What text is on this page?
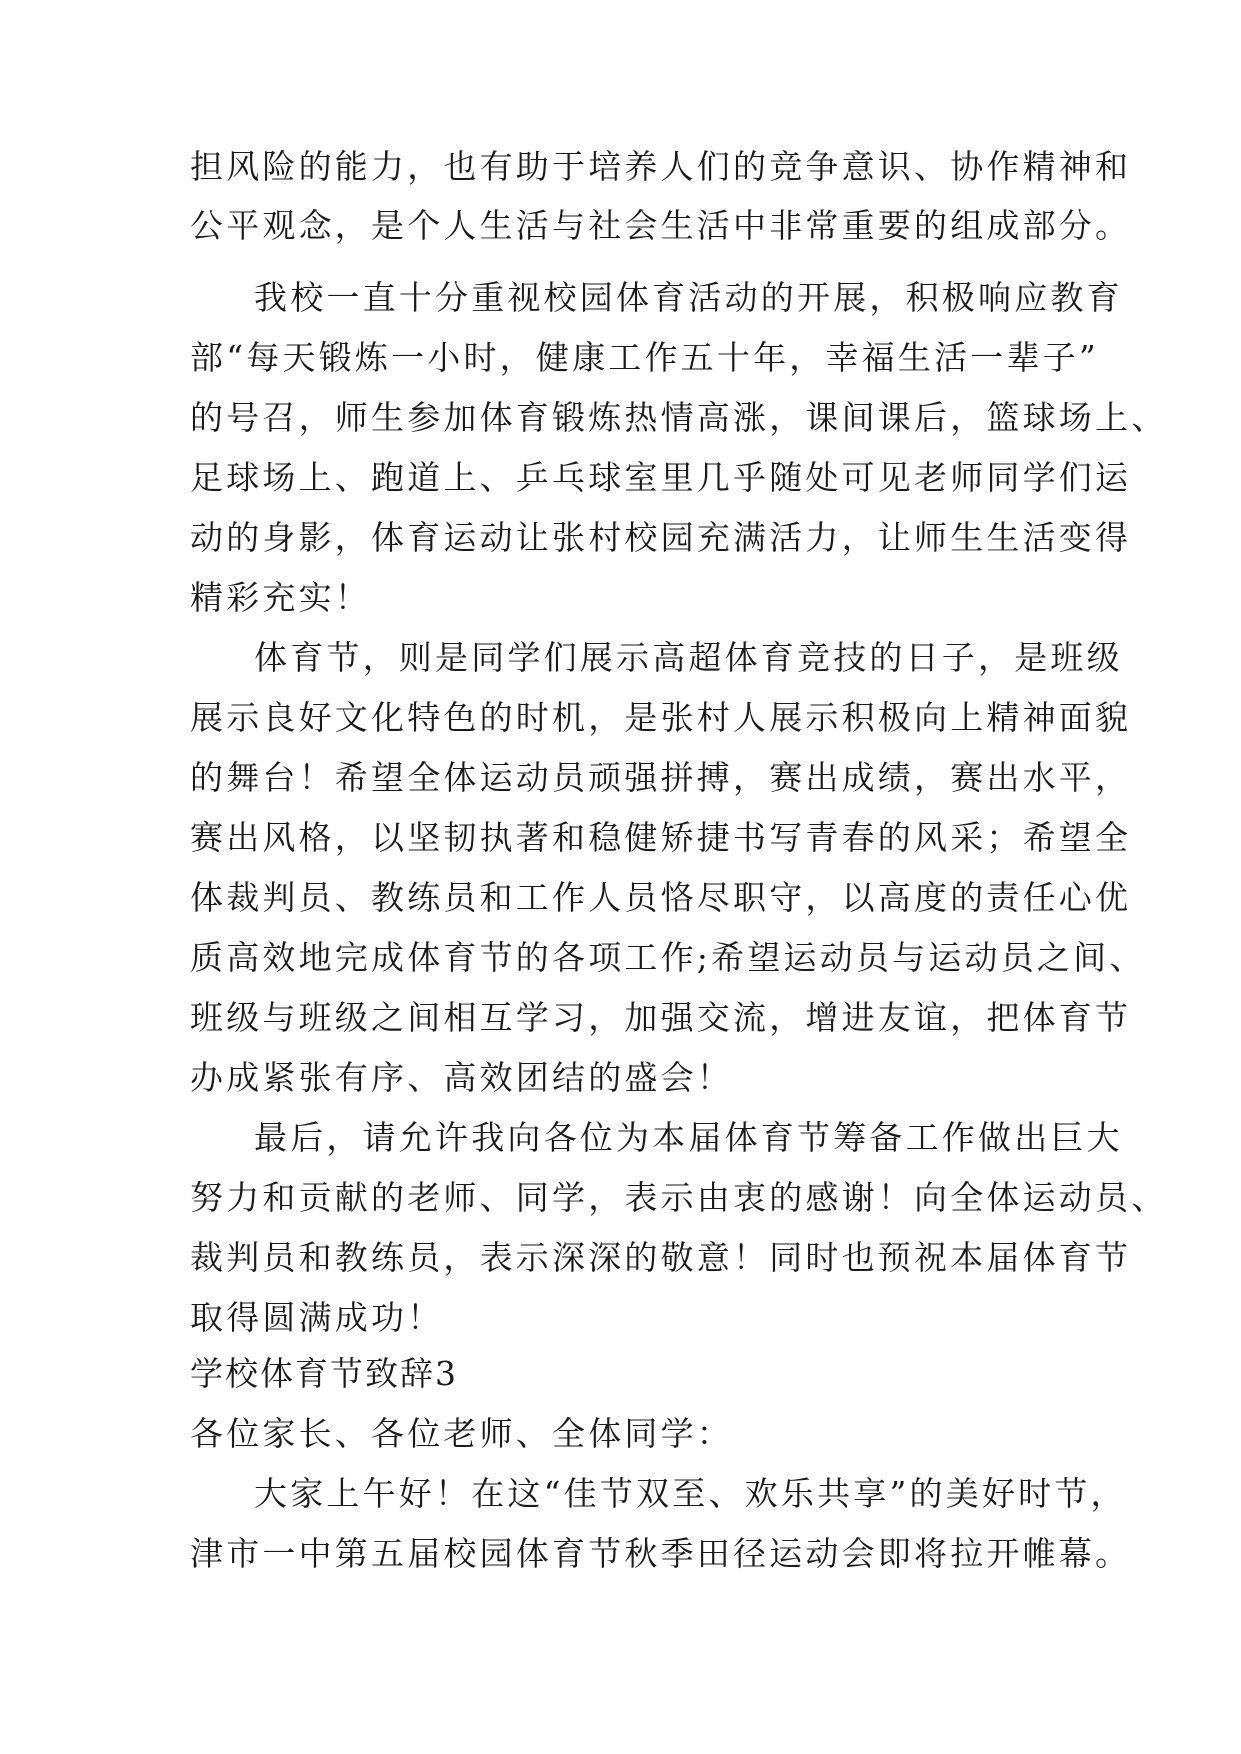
担风险的能力，也有助于培养人们的竞争意识、协作精神和
公平观念，是个人生活与社会生活中非常重要的组成部分。
我校一直十分重视校园体育活动的开展，积极响应教育
部“每天锻炼一小时，健康工作五十年，幸福生活一辈子”
的号召，师生参加体育锻炼热情高涨，课间课后，篮球场上、
足球场上、跑道上、乒乓球室里几乎随处可见老师同学们运
动的身影，体育运动让张村校园充满活力，让师生生活变得
精彩充实！
体育节，则是同学们展示高超体育竞技的日子，是班级
展示良好文化特色的时机，是张村人展示积极向上精神面貌
的舞台！希望全体运动员顽强拼搏，赛出成绩，赛出水平，
赛出风格，以坚韧执著和稳健矫捷书写青春的风采；希望全
体裁判员、教练员和工作人员恪尽职守，以高度的责任心优
质高效地完成体育节的各项工作;希望运动员与运动员之间、
班级与班级之间相互学习，加强交流，增进友谊，把体育节
办成紧张有序、高效团结的盛会！
最后，请允许我向各位为本届体育节筹备工作做出巨大
努力和贡献的老师、同学，表示由衷的感谢！向全体运动员、
裁判员和教练员，表示深深的敬意！同时也预祝本届体育节
取得圆满成功！
学校体育节致辞3
各位家长、各位老师、全体同学：
大家上午好！在这“佳节双至、欢乐共享”的美好时节，
津市一中第五届校园体育节秋季田径运动会即将拉开帷幕。
